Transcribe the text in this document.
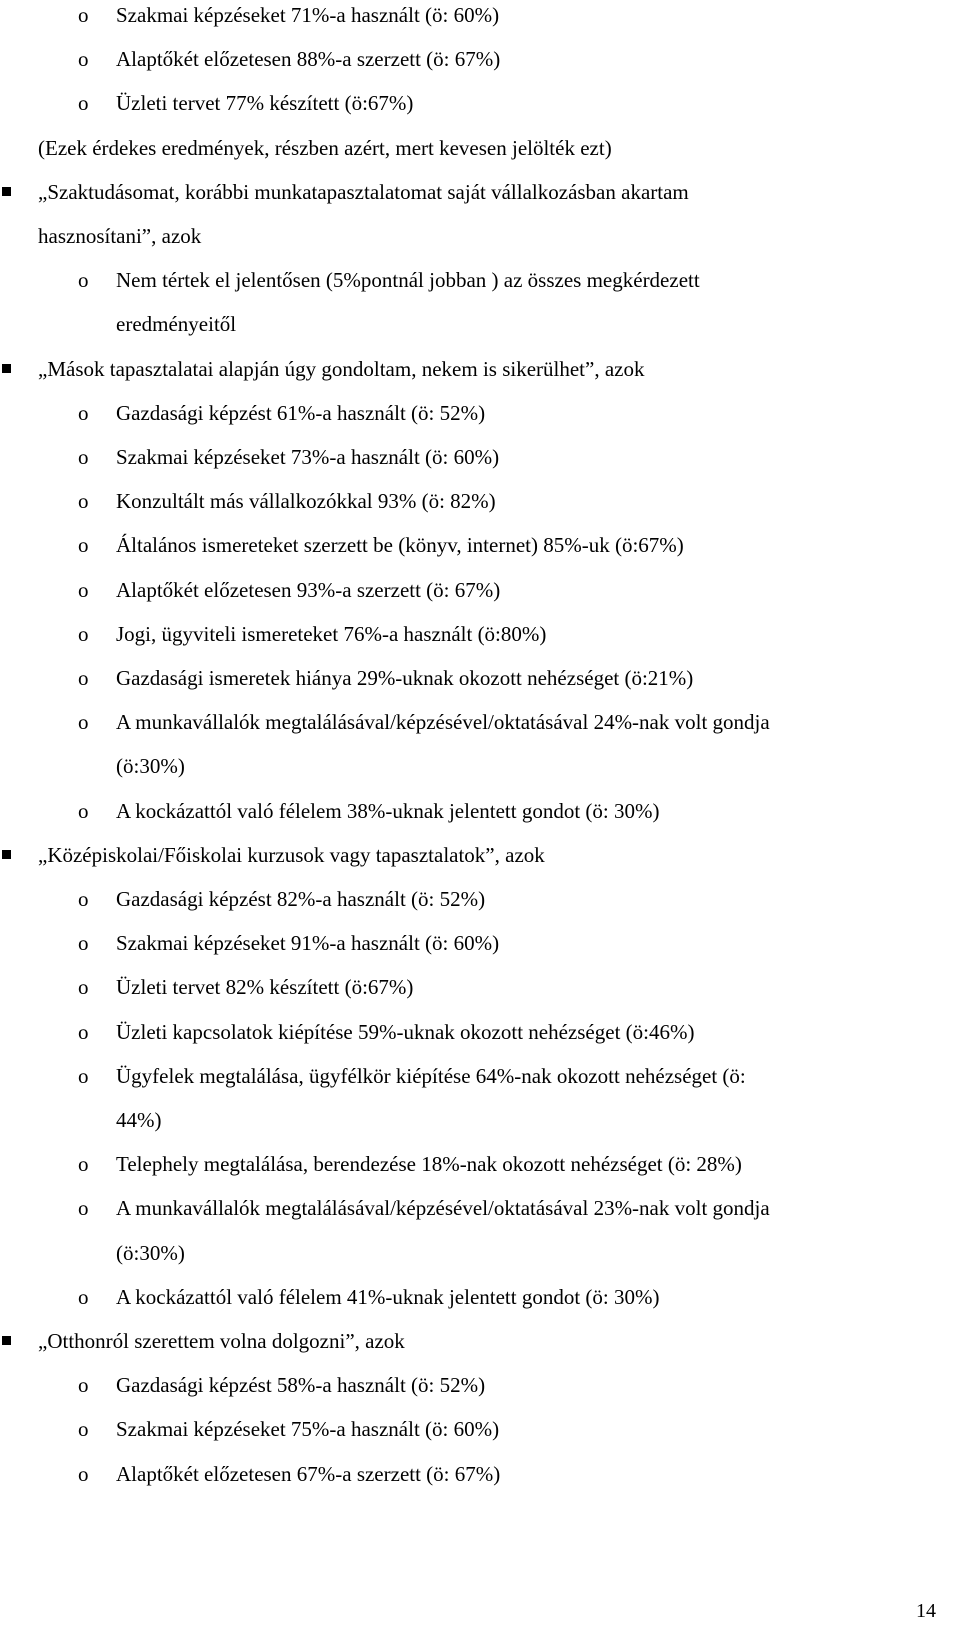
o Szakmai képzéseket 71%-a használt (ö: 60%)
o Alaptőkét előzetesen 88%-a szerzett (ö: 67%)
o Üzleti tervet 77% készített (ö:67%)
(Ezek érdekes eredmények, részben azért, mert kevesen jelölték ezt)
„Szaktudásomat, korábbi munkatapasztalatomat saját vállalkozásban akartam
hasznosítani”, azok
o Nem tértek el jelentősen (5%pontnál jobban ) az összes megkérdezett
eredményeitől
„Mások tapasztalatai alapján úgy gondoltam, nekem is sikerülhet”, azok
o Gazdasági képzést 61%-a használt (ö: 52%)
o Szakmai képzéseket 73%-a használt (ö: 60%)
o Konzultált más vállalkozókkal 93% (ö: 82%)
o Általános ismereteket szerzett be (könyv, internet) 85%-uk (ö:67%)
o Alaptőkét előzetesen 93%-a szerzett (ö: 67%)
o Jogi, ügyviteli ismereteket 76%-a használt (ö:80%)
o Gazdasági ismeretek hiánya 29%-uknak okozott nehézséget (ö:21%)
o A munkavállalók megtalálásával/képzésével/oktatásával 24%-nak volt gondja
(ö:30%)
o A kockázattól való félelem 38%-uknak jelentett gondot (ö: 30%)
„Középiskolai/Főiskolai kurzusok vagy tapasztalatok”, azok
o Gazdasági képzést 82%-a használt (ö: 52%)
o Szakmai képzéseket 91%-a használt (ö: 60%)
o Üzleti tervet 82% készített (ö:67%)
o Üzleti kapcsolatok kiépítése 59%-uknak okozott nehézséget (ö:46%)
o Ügyfelek megtalálása, ügyfélkör kiépítése 64%-nak okozott nehézséget (ö:
44%)
o Telephely megtalálása, berendezése 18%-nak okozott nehézséget (ö: 28%)
o A munkavállalók megtalálásával/képzésével/oktatásával 23%-nak volt gondja
(ö:30%)
o A kockázattól való félelem 41%-uknak jelentett gondot (ö: 30%)
„Otthonról szerettem volna dolgozni”, azok
o Gazdasági képzést 58%-a használt (ö: 52%)
o Szakmai képzéseket 75%-a használt (ö: 60%)
o Alaptőkét előzetesen 67%-a szerzett (ö: 67%)
14
